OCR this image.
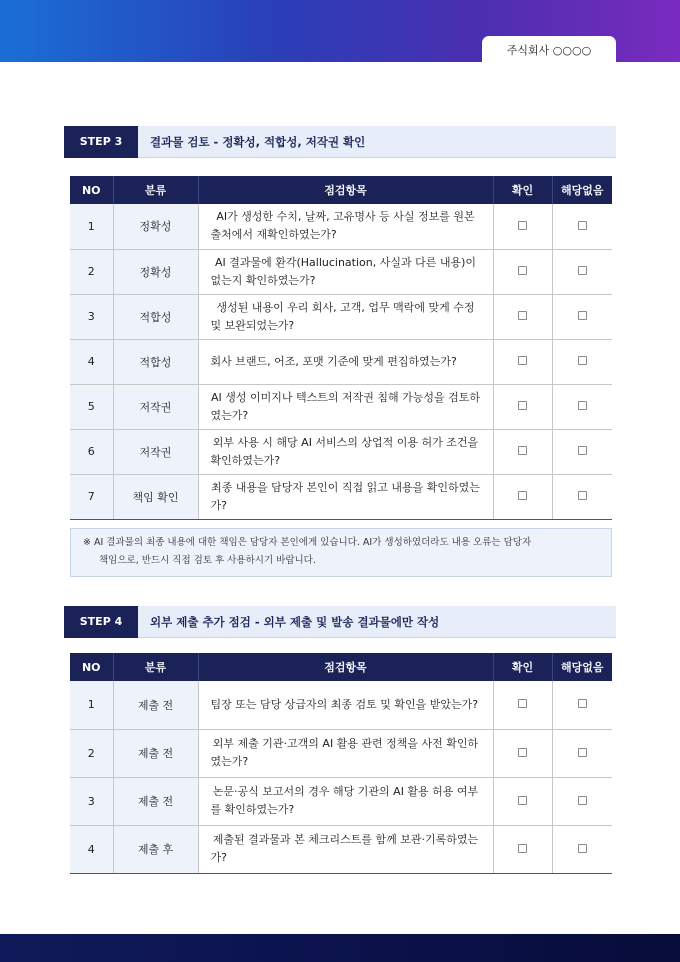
주식회사 ○○○○
STEP 3	결과물 검토 - 정확성, 적합성, 저작권 확인
NO	분류	점검항목	확인	해당없음
1	정확성	AI가 생성한 수치, 날짜, 고유명사 등 사실 정보를 원본 출처에서 재확인하였는가?		
2	정확성	AI 결과물에 환각(Hallucination, 사실과 다른 내용)이 없는지 확인하였는가?		
3	적합성	생성된 내용이 우리 회사, 고객, 업무 맥락에 맞게 수정 및 보완되었는가?		
4	적합성	회사 브랜드, 어조, 포맷 기준에 맞게 편집하였는가?		
5	저작권	AI 생성 이미지나 텍스트의 저작권 침해 가능성을 검토하였는가?		
6	저작권	외부 사용 시 해당 AI 서비스의 상업적 이용 허가 조건을 확인하였는가?		
7	책임 확인	최종 내용을 담당자 본인이 직접 읽고 내용을 확인하였는가?		
※ AI 결과물의 최종 내용에 대한 책임은 담당자 본인에게 있습니다. AI가 생성하였더라도 내용 오류는 담당자
책임으로, 반드시 직접 검토 후 사용하시기 바랍니다.
STEP 4	외부 제출 추가 점검 - 외부 제출 및 발송 결과물에만 작성
NO	분류	점검항목	확인	해당없음
1	제출 전	팀장 또는 담당 상급자의 최종 검토 및 확인을 받았는가?		
2	제출 전	외부 제출 기관·고객의 AI 활용 관련 정책을 사전 확인하였는가?		
3	제출 전	논문·공식 보고서의 경우 해당 기관의 AI 활용 허용 여부를 확인하였는가?		
4	제출 후	제출된 결과물과 본 체크리스트를 함께 보관·기록하였는가?		
